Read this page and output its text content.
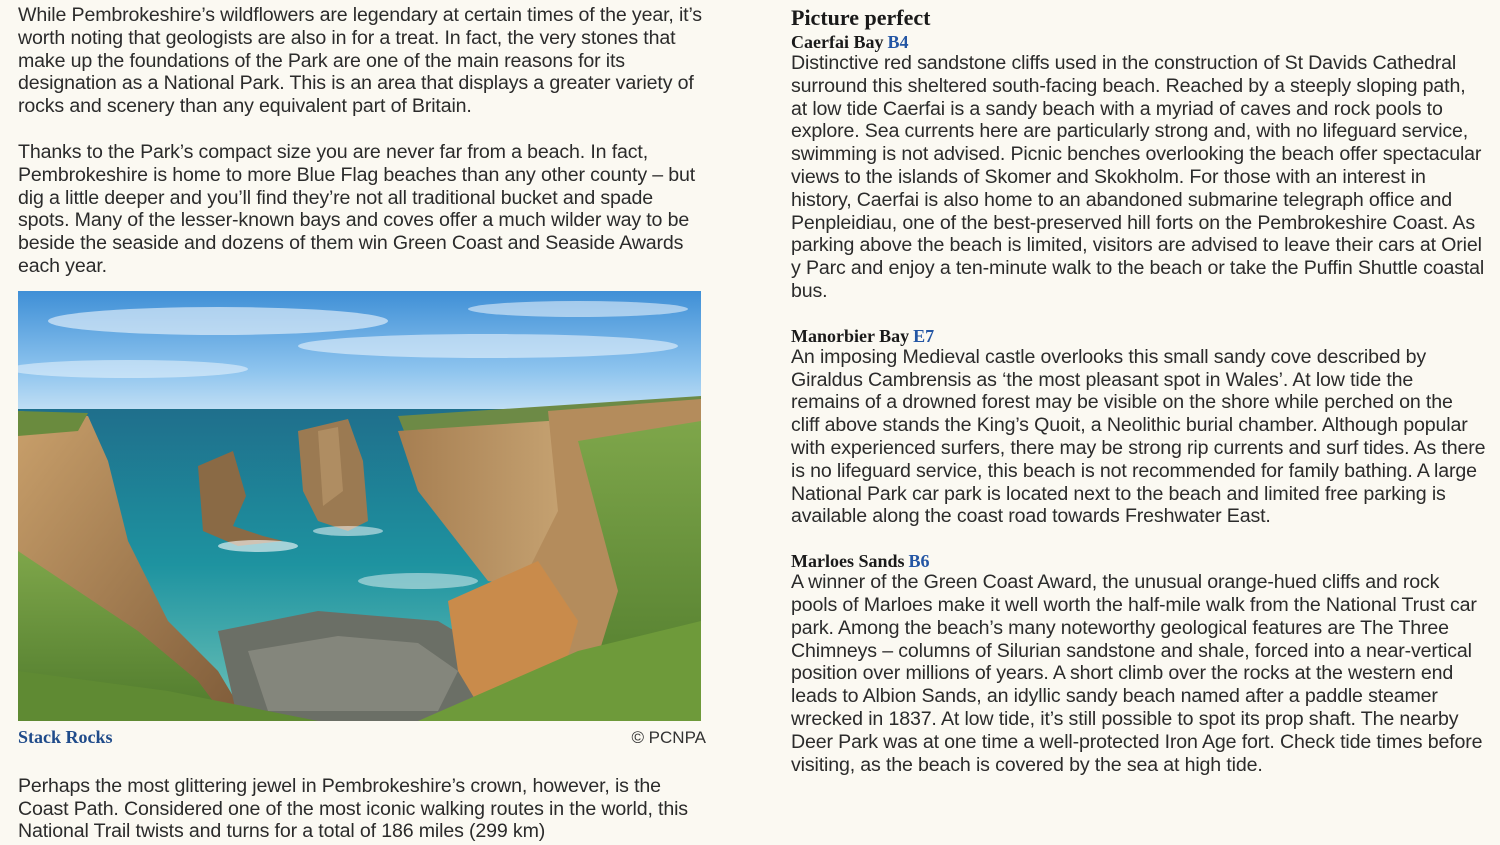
While Pembrokeshire’s wildflowers are legendary at certain times of the year, it’s worth noting that geologists are also in for a treat. In fact, the very stones that make up the foundations of the Park are one of the main reasons for its designation as a National Park. This is an area that displays a greater variety of rocks and scenery than any equivalent part of Britain.

Thanks to the Park’s compact size you are never far from a beach. In fact, Pembrokeshire is home to more Blue Flag beaches than any other county – but dig a little deeper and you’ll find they’re not all traditional bucket and spade spots. Many of the lesser-known bays and coves offer a much wilder way to be beside the seaside and dozens of them win Green Coast and Seaside Awards each year.

Stack Rocks	© PCNPA

Perhaps the most glittering jewel in Pembrokeshire’s crown, however, is the Coast Path. Considered one of the most iconic walking routes in the world, this National Trail twists and turns for a total of 186 miles (299 km)

Picture perfect
Caerfai Bay B4

Distinctive red sandstone cliffs used in the construction of St Davids Cathedral surround this sheltered south-facing beach. Reached by a steeply sloping path, at low tide Caerfai is a sandy beach with a myriad of caves and rock pools to explore. Sea currents here are particularly strong and, with no lifeguard service, swimming is not advised. Picnic benches overlooking the beach offer spectacular views to the islands of Skomer and Skokholm. For those with an interest in history, Caerfai is also home to an abandoned submarine telegraph office and Penpleidiau, one of the best-preserved hill forts on the Pembrokeshire Coast. As parking above the beach is limited, visitors are advised to leave their cars at Oriel y Parc and enjoy a ten-minute walk to the beach or take the Puffin Shuttle coastal bus.

Manorbier Bay E7

An imposing Medieval castle overlooks this small sandy cove described by Giraldus Cambrensis as ‘the most pleasant spot in Wales’. At low tide the remains of a drowned forest may be visible on the shore while perched on the cliff above stands the King’s Quoit, a Neolithic burial chamber. Although popular with experienced surfers, there may be strong rip currents and surf tides. As there is no lifeguard service, this beach is not recommended for family bathing. A large National Park car park is located next to the beach and limited free parking is available along the coast road towards Freshwater East.

Marloes Sands B6

A winner of the Green Coast Award, the unusual orange-hued cliffs and rock pools of Marloes make it well worth the half-mile walk from the National Trust car park. Among the beach’s many noteworthy geological features are The Three Chimneys – columns of Silurian sandstone and shale, forced into a near-vertical position over millions of years. A short climb over the rocks at the western end leads to Albion Sands, an idyllic sandy beach named after a paddle steamer wrecked in 1837. At low tide, it’s still possible to spot its prop shaft. The nearby Deer Park was at one time a well-protected Iron Age fort. Check tide times before visiting, as the beach is covered by the sea at high tide.
